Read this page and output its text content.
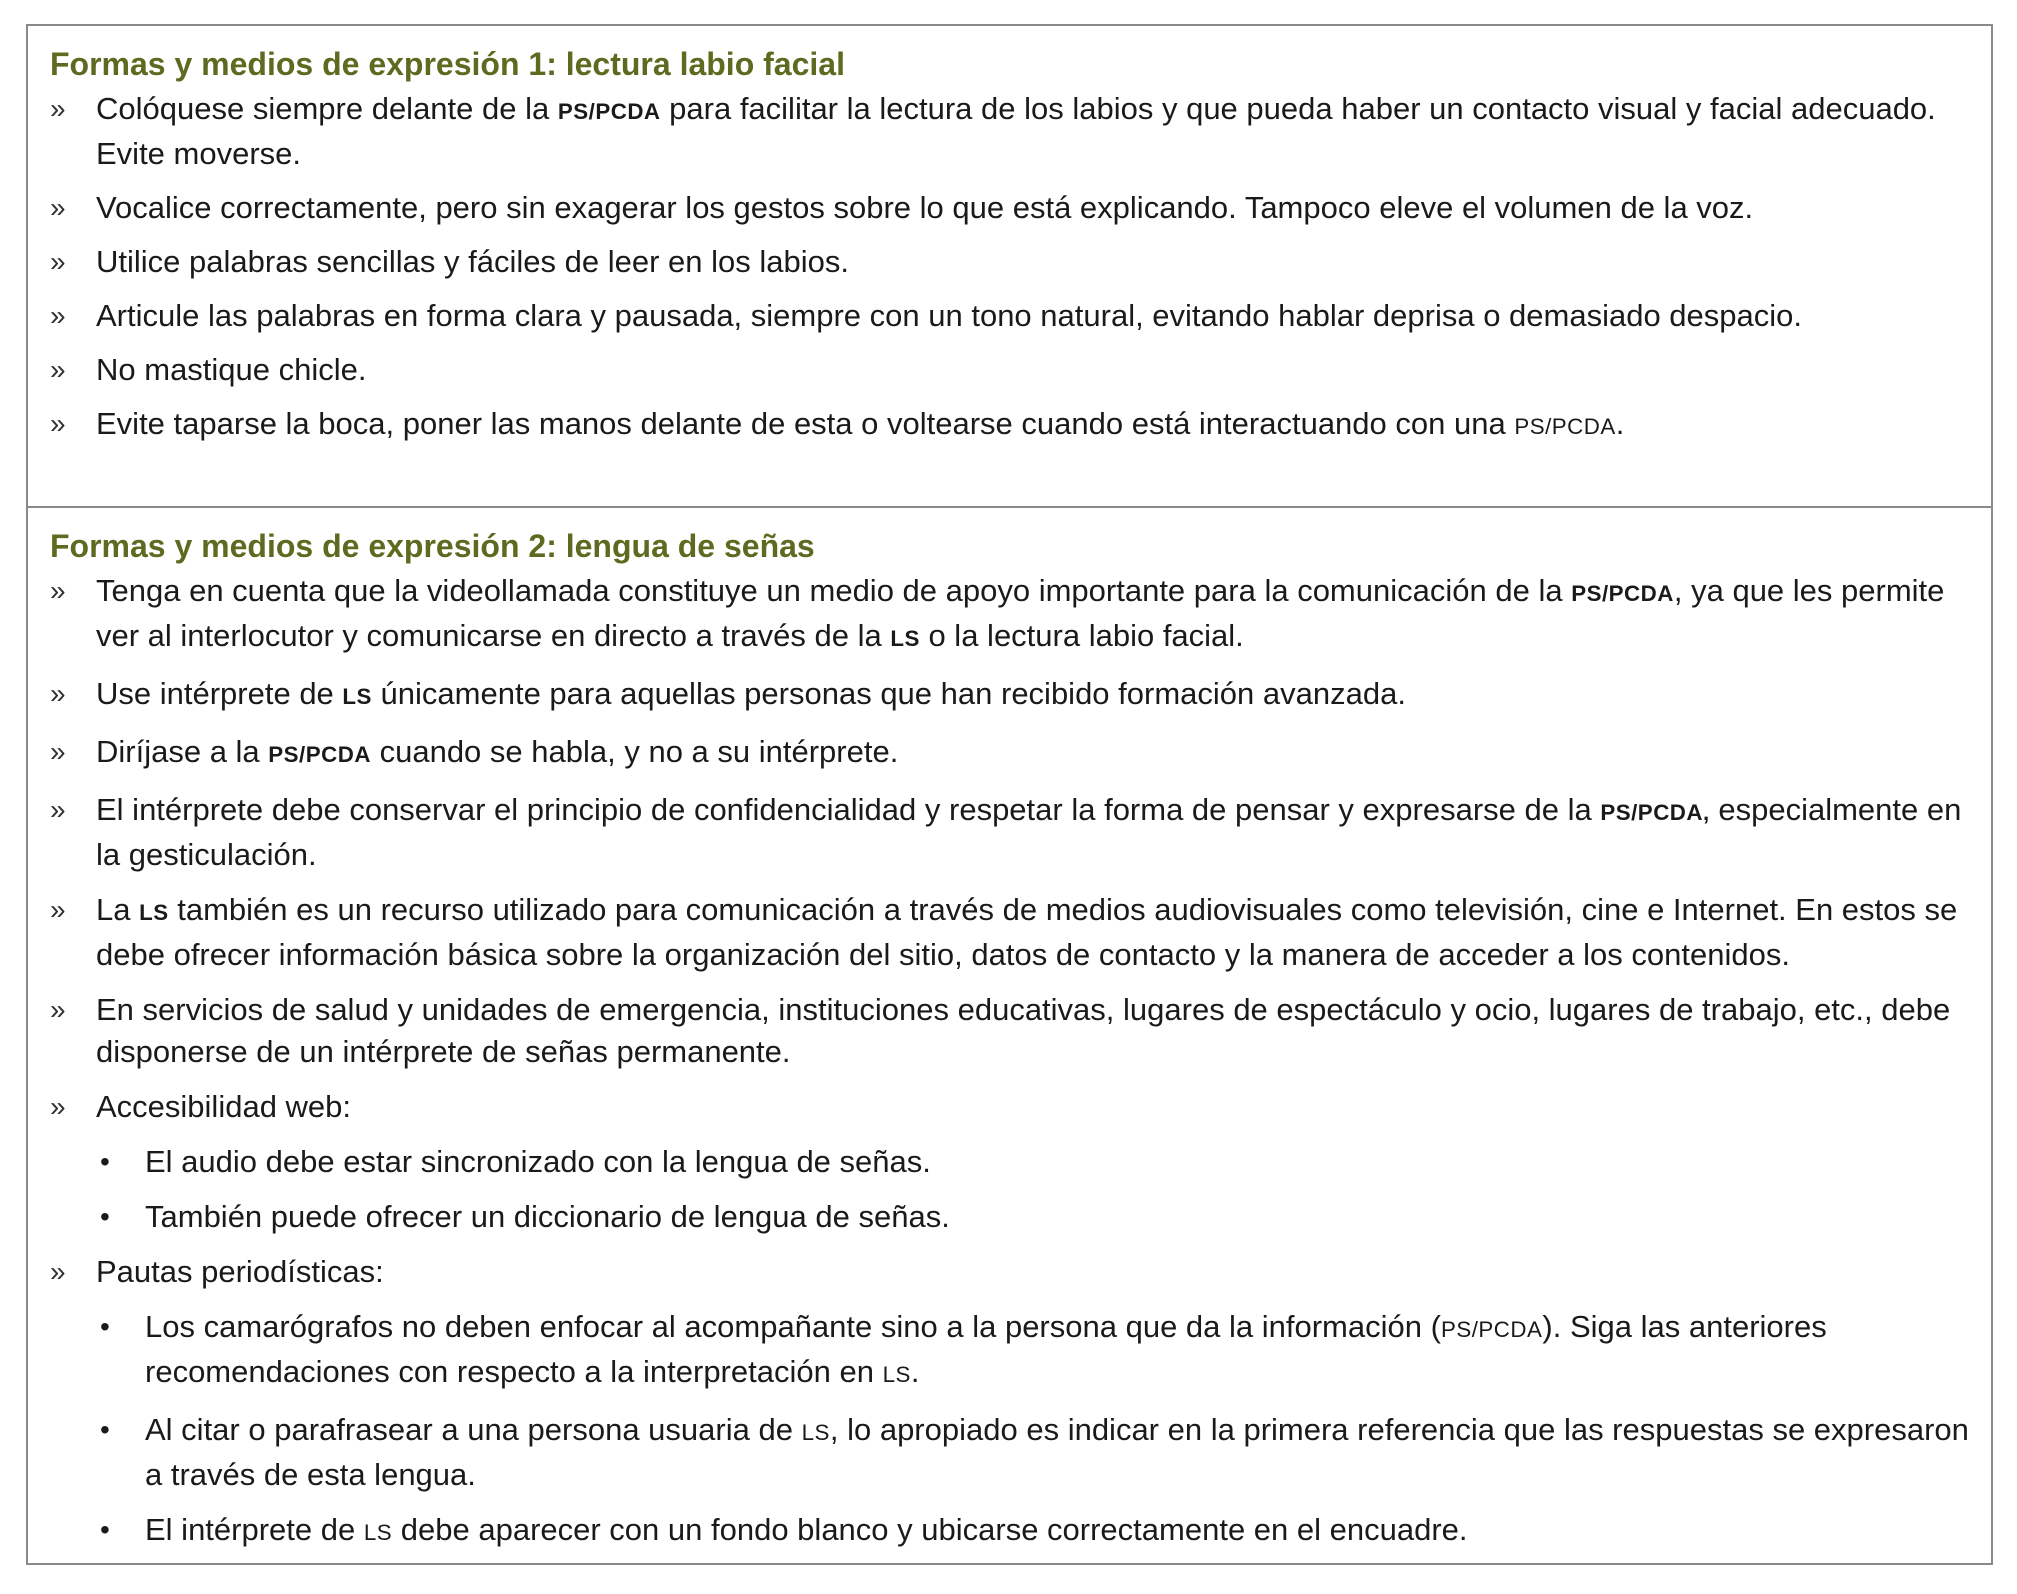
Formas y medios de expresión 1: lectura labio facial

» Colóquese siempre delante de la PS/PCDA para facilitar la lectura de los labios y que pueda haber un contacto visual y facial adecuado. Evite moverse.

» Vocalice correctamente, pero sin exagerar los gestos sobre lo que está explicando. Tampoco eleve el volumen de la voz.

» Utilice palabras sencillas y fáciles de leer en los labios.

» Articule las palabras en forma clara y pausada, siempre con un tono natural, evitando hablar deprisa o demasiado despacio.

» No mastique chicle.

» Evite taparse la boca, poner las manos delante de esta o voltearse cuando está interactuando con una PS/PCDA.

Formas y medios de expresión 2: lengua de señas

» Tenga en cuenta que la videollamada constituye un medio de apoyo importante para la comunicación de la PS/PCDA, ya que les permite ver al interlocutor y comunicarse en directo a través de la LS o la lectura labio facial.

» Use intérprete de LS únicamente para aquellas personas que han recibido formación avanzada.

» Diríjase a la PS/PCDA cuando se habla, y no a su intérprete.

» El intérprete debe conservar el principio de confidencialidad y respetar la forma de pensar y expresarse de la PS/PCDA, especialmente en la gesticulación.

» La LS también es un recurso utilizado para comunicación a través de medios audiovisuales como televisión, cine e Internet. En estos se debe ofrecer información básica sobre la organización del sitio, datos de contacto y la manera de acceder a los contenidos.

» En servicios de salud y unidades de emergencia, instituciones educativas, lugares de espectáculo y ocio, lugares de trabajo, etc., debe disponerse de un intérprete de señas permanente.

» Accesibilidad web:

•	El audio debe estar sincronizado con la lengua de señas.
•	También puede ofrecer un diccionario de lengua de señas.

» Pautas periodísticas:

•	Los camarógrafos no deben enfocar al acompañante sino a la persona que da la información (PS/PCDA). Siga las anteriores recomendaciones con respecto a la interpretación en LS.
•	Al citar o parafrasear a una persona usuaria de LS, lo apropiado es indicar en la primera referencia que las respuestas se expresaron a través de esta lengua.
•	El intérprete de LS debe aparecer con un fondo blanco y ubicarse correctamente en el encuadre.
